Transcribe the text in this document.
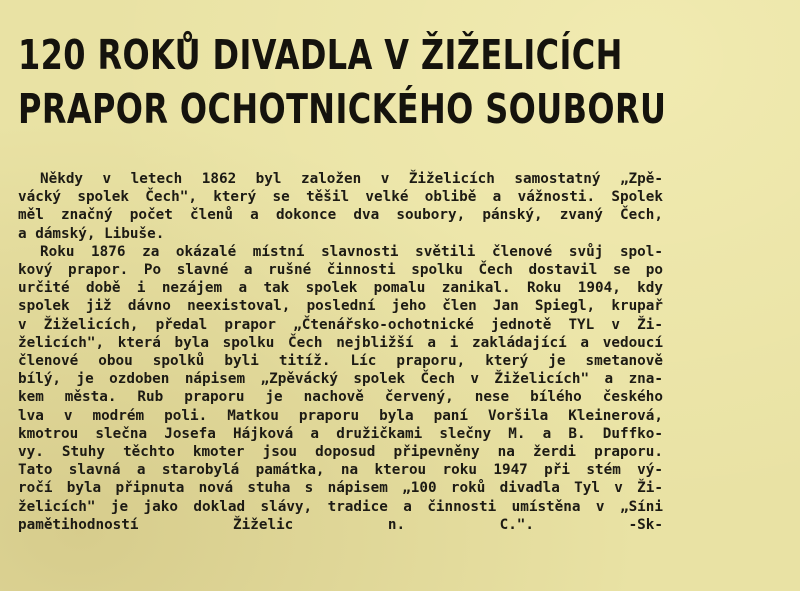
120 ROKŮ DIVADLA V ŽIŽELICÍCH
PRAPOR OCHOTNICKÉHO SOUBORU
Někdy v letech 1862 byl založen v Žiželicích samostatný „Zpě-
vácký spolek Čech", který se těšil velké oblibě a vážnosti. Spolek
měl značný počet členů a dokonce dva soubory, pánský, zvaný Čech,
a dámský, Libuše.
Roku 1876 za okázalé místní slavnosti světili členové svůj spol-
kový prapor. Po slavné a rušné činnosti spolku Čech dostavil se po
určité době i nezájem a tak spolek pomalu zanikal. Roku 1904, kdy
spolek již dávno neexistoval, poslední jeho člen Jan Spiegl, krupař
v Žiželicích, předal prapor „Čtenářsko-ochotnické jednotě TYL v Ži-
želicích", která byla spolku Čech nejbližší a i zakládající a vedoucí
členové obou spolků byli titíž. Líc praporu, který je smetanově
bílý, je ozdoben nápisem „Zpěvácký spolek Čech v Žiželicích" a zna-
kem města. Rub praporu je nachově červený, nese bílého českého
lva v modrém poli. Matkou praporu byla paní Voršila Kleinerová,
kmotrou slečna Josefa Hájková a družičkami slečny M. a B. Duffko-
vy. Stuhy těchto kmoter jsou doposud připevněny na žerdi praporu.
Tato slavná a starobylá památka, na kterou roku 1947 při stém vý-
ročí byla připnuta nová stuha s nápisem „100 roků divadla Tyl v Ži-
želicích" je jako doklad slávy, tradice a činnosti umístěna v „Síni
pamětihodností Žiželic n. C.".	-Sk-
